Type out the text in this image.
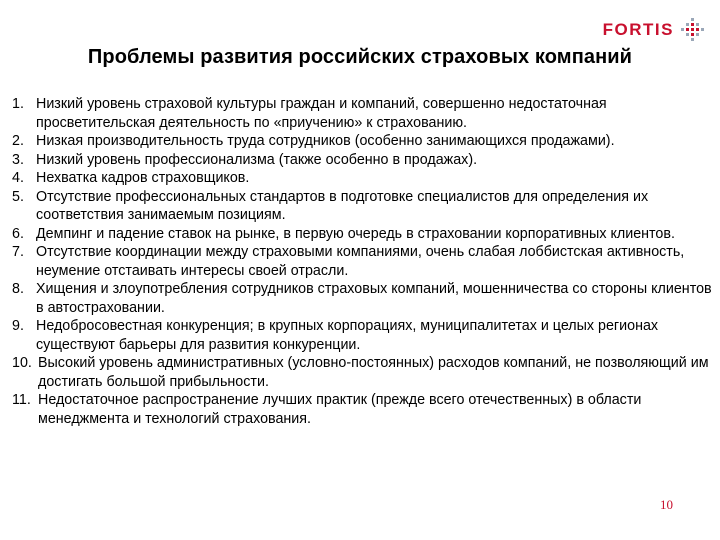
FORTIS
Проблемы развития российских страховых компаний
1. Низкий уровень страховой культуры граждан и компаний, совершенно недостаточная просветительская деятельность по «приучению» к страхованию.
2. Низкая производительность труда сотрудников (особенно занимающихся продажами).
3. Низкий уровень профессионализма (также особенно в продажах).
4. Нехватка кадров страховщиков.
5. Отсутствие профессиональных стандартов в подготовке специалистов для определения их соответствия занимаемым позициям.
6. Демпинг и падение ставок на рынке, в первую очередь в страховании корпоративных клиентов.
7. Отсутствие координации между страховыми компаниями, очень слабая лоббистская активность, неумение отстаивать интересы своей отрасли.
8. Хищения и злоупотребления сотрудников страховых компаний, мошенничества со стороны клиентов в автостраховании.
9. Недобросовестная конкуренция; в крупных корпорациях, муниципалитетах и целых регионах существуют барьеры для развития конкуренции.
10. Высокий уровень административных (условно-постоянных) расходов компаний, не позволяющий им достигать большой прибыльности.
11. Недостаточное распространение лучших практик (прежде всего отечественных) в области менеджмента и технологий страхования.
10
